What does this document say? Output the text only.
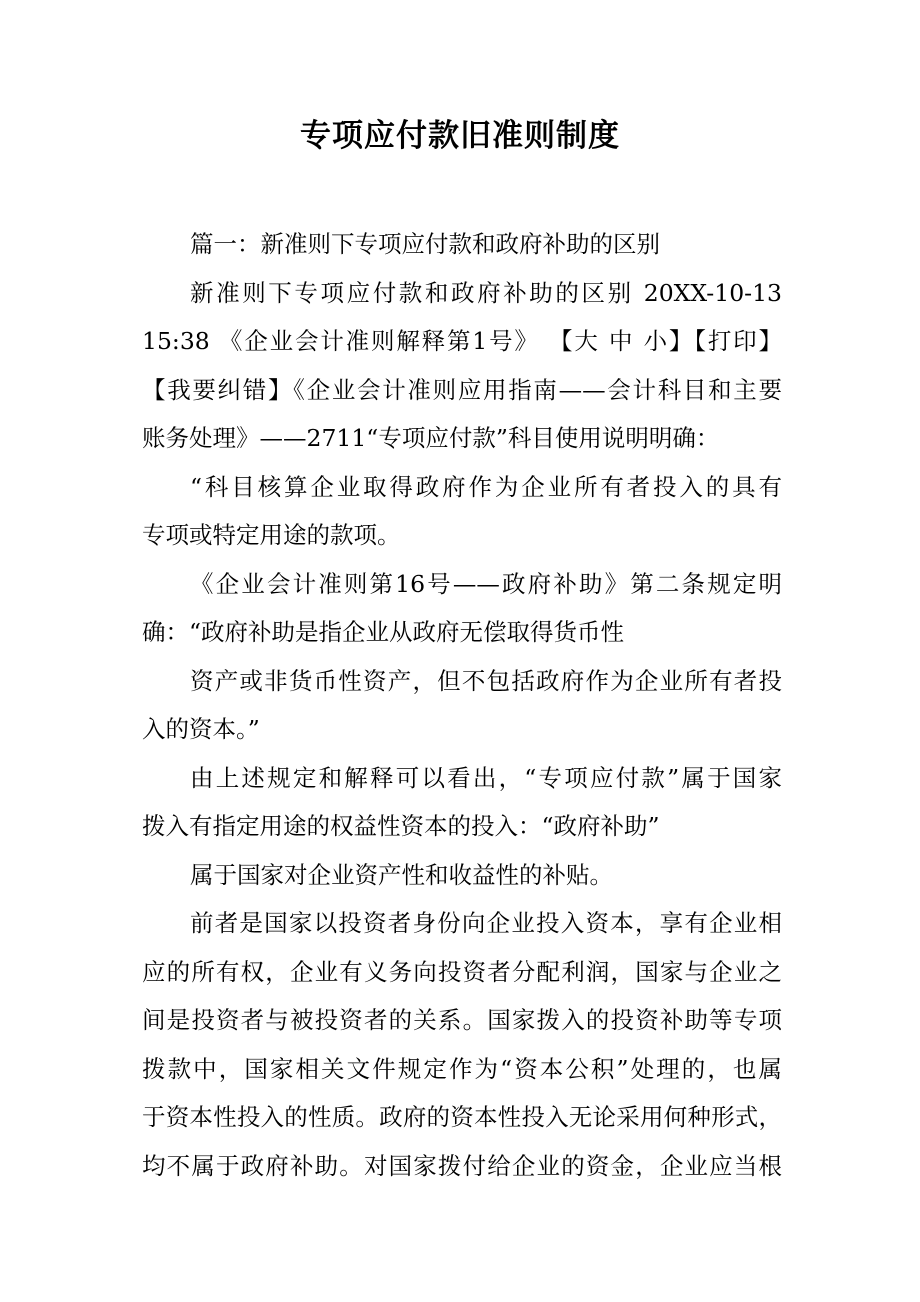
专项应付款旧准则制度
篇一：新准则下专项应付款和政府补助的区别
新准则下专项应付款和政府补助的区别 20XX-10-13
15:38 《企业会计准则解释第1号》 【大 中 小】【打印】
【我要纠错】《企业会计准则应用指南——会计科目和主要
账务处理》——2711“专项应付款”科目使用说明明确：
“科目核算企业取得政府作为企业所有者投入的具有
专项或特定用途的款项。
《企业会计准则第16号——政府补助》第二条规定明
确：“政府补助是指企业从政府无偿取得货币性
资产或非货币性资产，但不包括政府作为企业所有者投
入的资本。”
由上述规定和解释可以看出，“专项应付款”属于国家
拨入有指定用途的权益性资本的投入：“政府补助”
属于国家对企业资产性和收益性的补贴。
前者是国家以投资者身份向企业投入资本，享有企业相
应的所有权，企业有义务向投资者分配利润，国家与企业之
间是投资者与被投资者的关系。国家拨入的投资补助等专项
拨款中，国家相关文件规定作为“资本公积”处理的，也属
于资本性投入的性质。政府的资本性投入无论采用何种形式，
均不属于政府补助。对国家拨付给企业的资金，企业应当根
